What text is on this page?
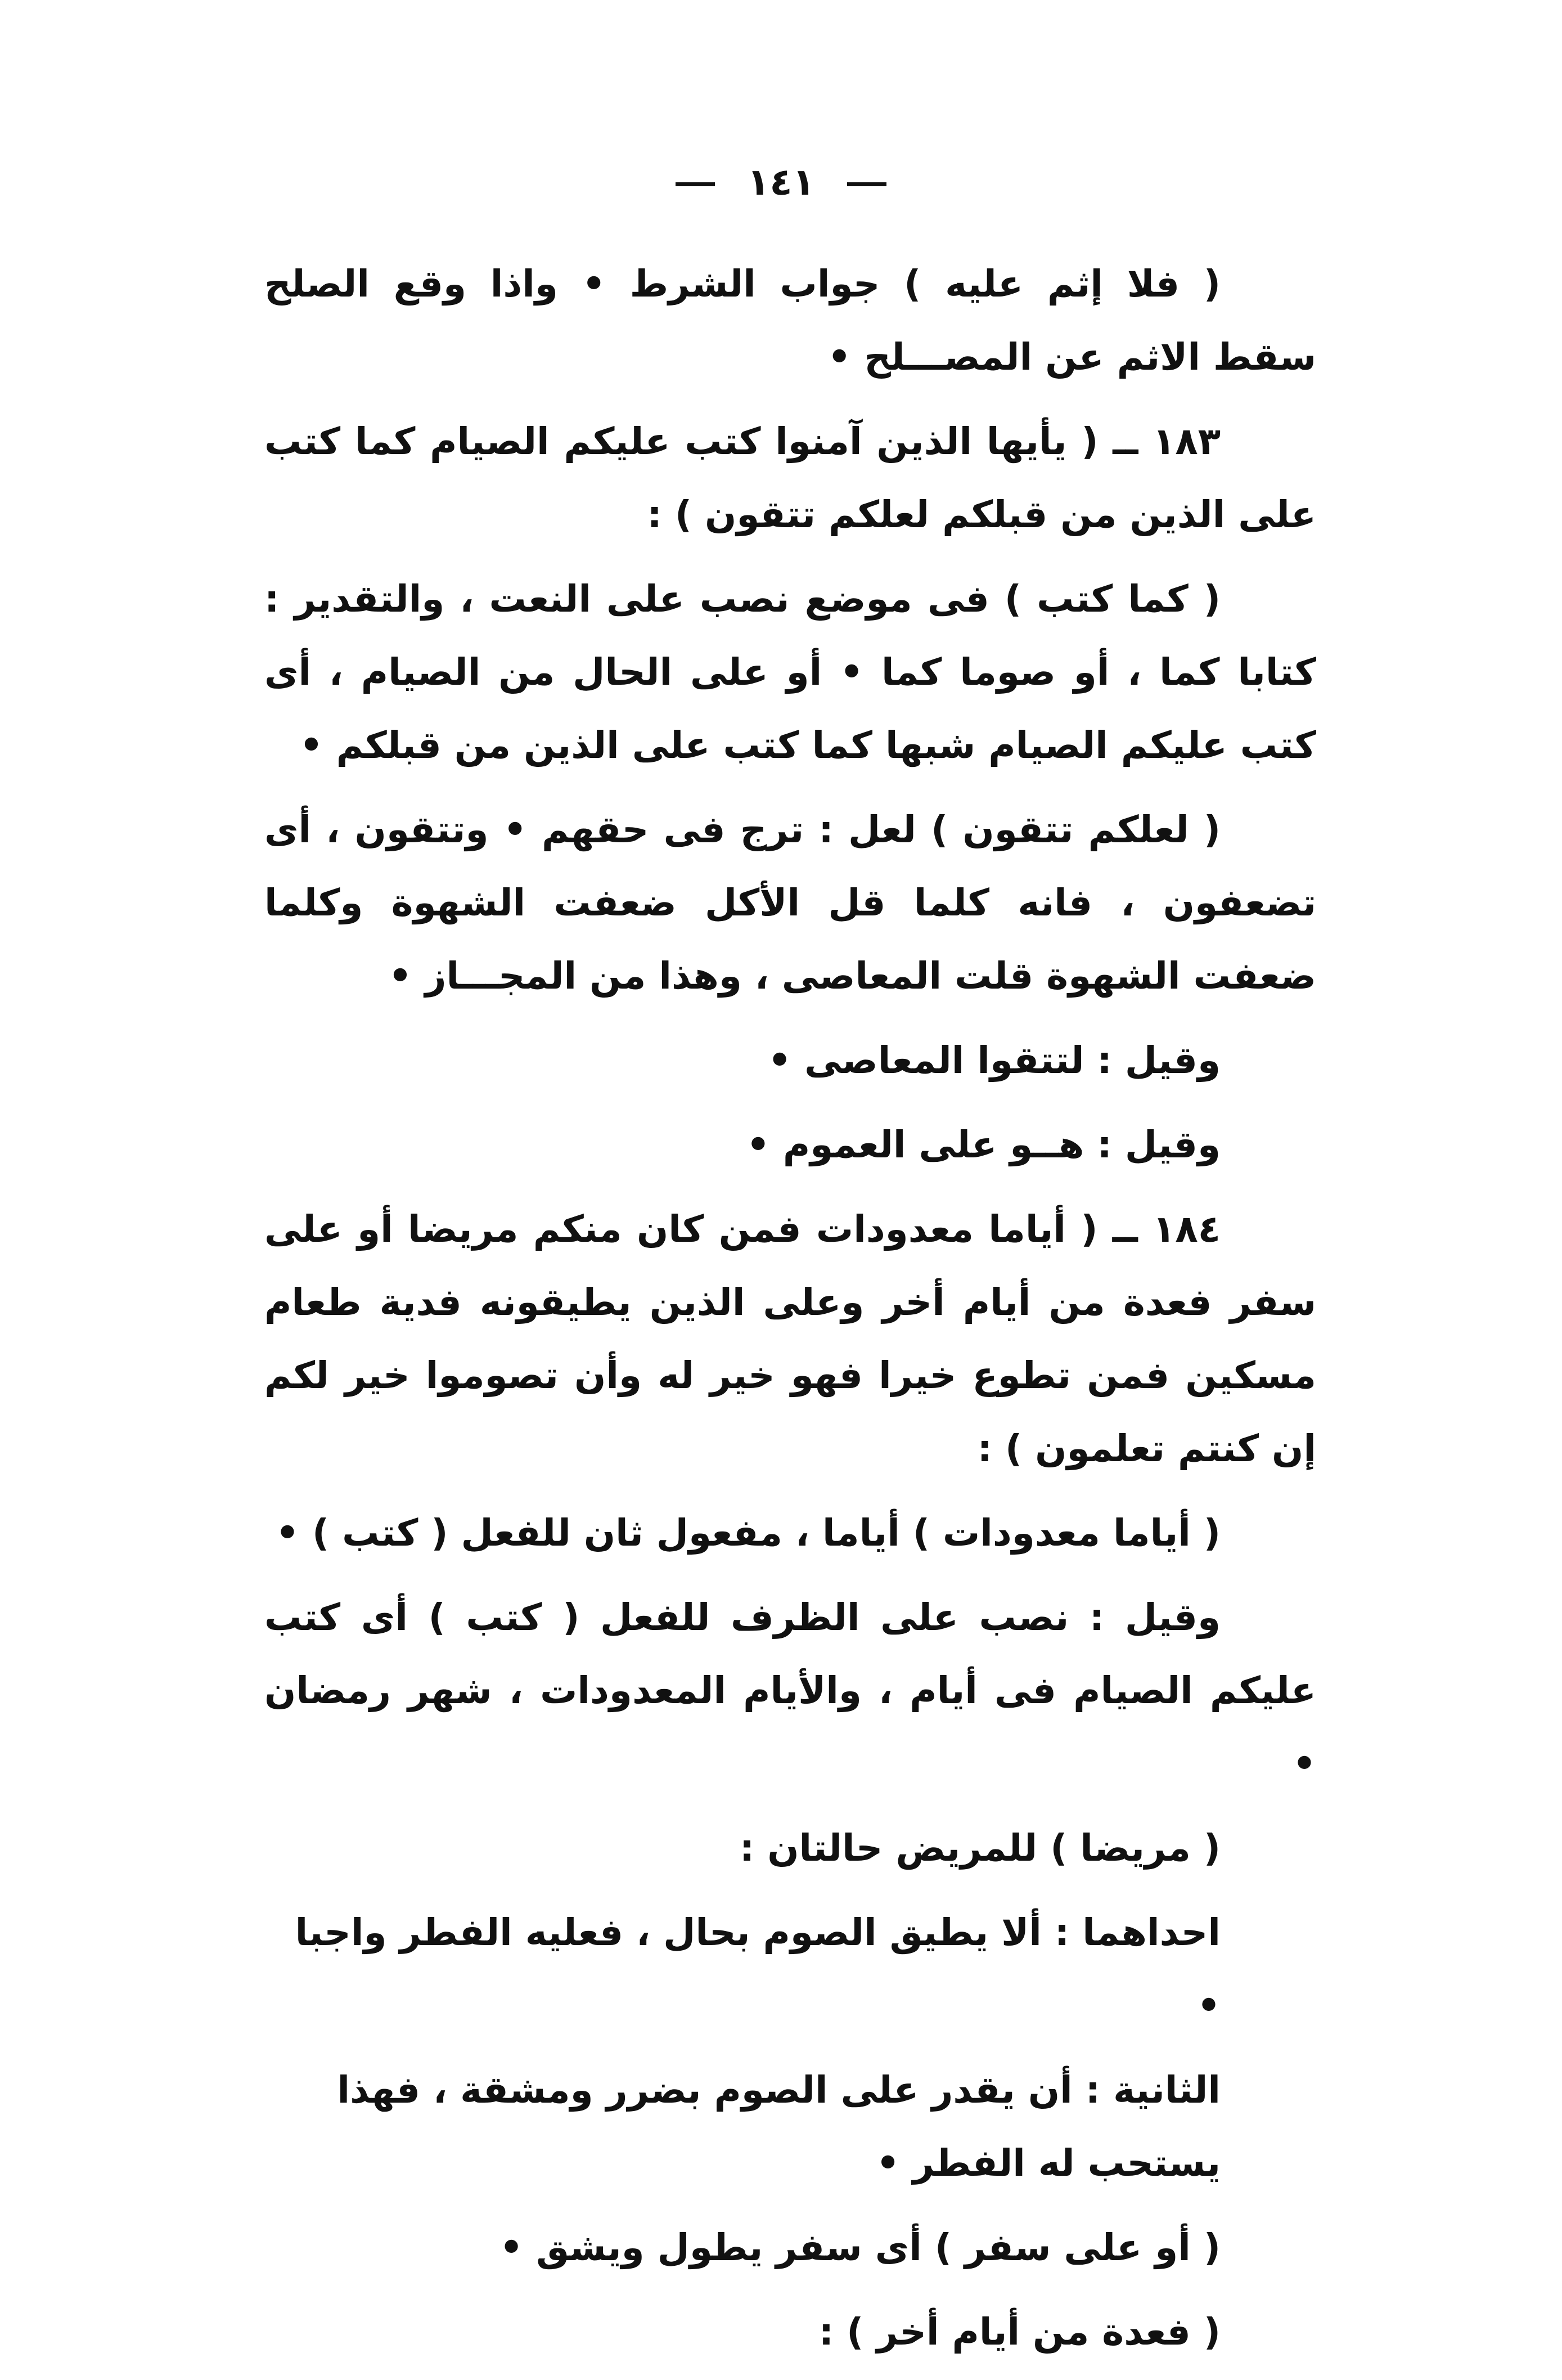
١٤١

( فلا إثم عليه ) جواب الشرط • واذا وقع الصلح سقط الاثم عن المصـــلح •

١٨٣ ــ ( يأيها الذين آمنوا كتب عليكم الصيام كما كتب على الذين من قبلكم لعلكم تتقون ) :

( كما كتب ) فى موضع نصب على النعت ، والتقدير : كتابا كما ، أو صوما كما • أو على الحال من الصيام ، أى كتب عليكم الصيام شبها كما كتب على الذين من قبلكم •

( لعلكم تتقون ) لعل : ترج فى حقهم • وتتقون ، أى تضعفون ، فانه كلما قل الأكل ضعفت الشهوة وكلما ضعفت الشهوة قلت المعاصى ، وهذا من المجـــاز •

وقيل : لتتقوا المعاصى •

وقيل : هــو على العموم •

١٨٤ ــ ( أياما معدودات فمن كان منكم مريضا أو على سفر فعدة من أيام أخر وعلى الذين يطيقونه فدية طعام مسكين فمن تطوع خيرا فهو خير له وأن تصوموا خير لكم إن كنتم تعلمون ) :

( أياما معدودات ) أياما ، مفعول ثان للفعل ( كتب ) •

وقيل : نصب على الظرف للفعل ( كتب ) أى كتب عليكم الصيام فى أيام ، والأيام المعدودات ، شهر رمضان •

( مريضا ) للمريض حالتان :

احداهما : ألا يطيق الصوم بحال ، فعليه الفطر واجبا •

الثانية : أن يقدر على الصوم بضرر ومشقة ، فهذا يستحب له الفطر •

( أو على سفر ) أى سفر يطول ويشق •

( فعدة من أيام أخر ) :
